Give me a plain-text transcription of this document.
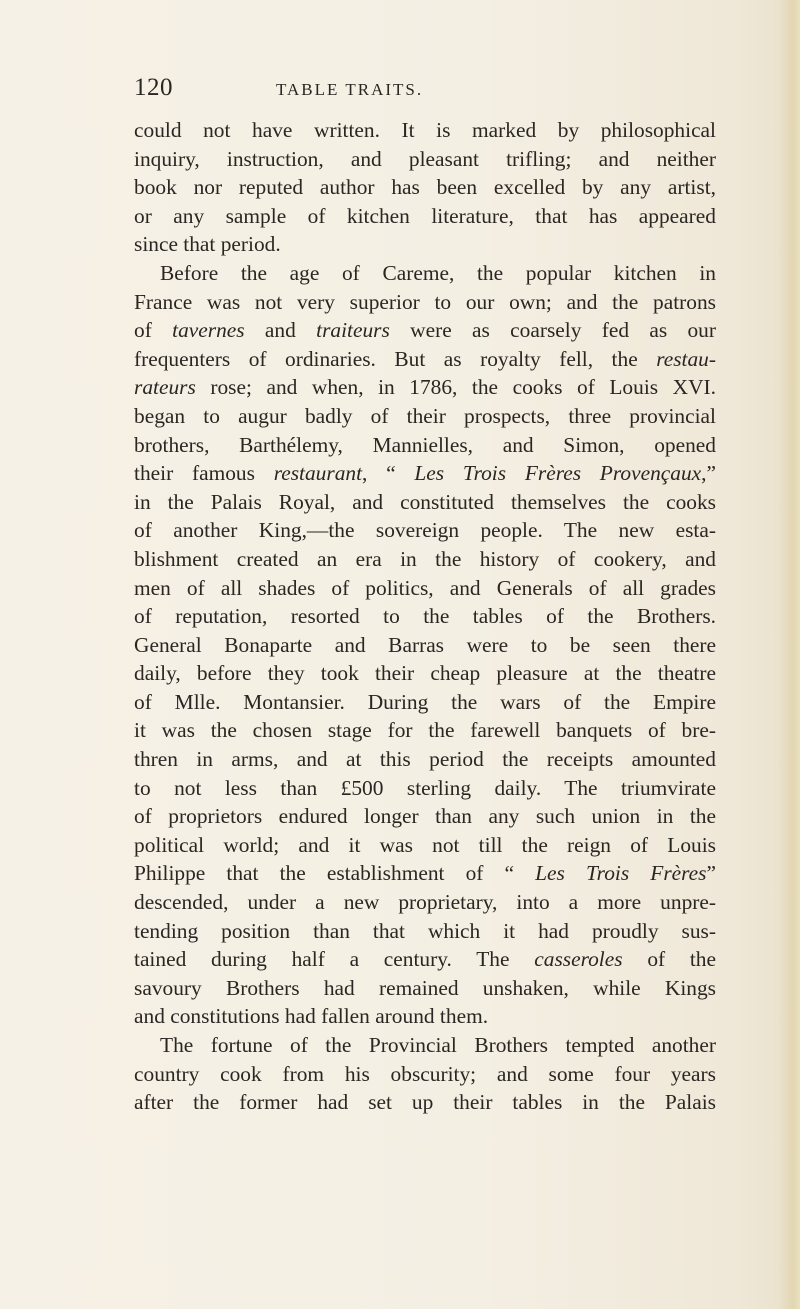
120	TABLE TRAITS.

could not have written. It is marked by philosophical
inquiry, instruction, and pleasant trifling; and neither
book nor reputed author has been excelled by any artist,
or any sample of kitchen literature, that has appeared
since that period.

Before the age of Careme, the popular kitchen in
France was not very superior to our own; and the patrons
of tavernes and traiteurs were as coarsely fed as our
frequenters of ordinaries. But as royalty fell, the restau-
rateurs rose; and when, in 1786, the cooks of Louis XVI.
began to augur badly of their prospects, three provincial
brothers, Barthélemy, Mannielles, and Simon, opened
their famous restaurant, “ Les Trois Frères Provençaux,”
in the Palais Royal, and constituted themselves the cooks
of another King,—the sovereign people. The new esta-
blishment created an era in the history of cookery, and
men of all shades of politics, and Generals of all grades
of reputation, resorted to the tables of the Brothers.
General Bonaparte and Barras were to be seen there
daily, before they took their cheap pleasure at the theatre
of Mlle. Montansier. During the wars of the Empire
it was the chosen stage for the farewell banquets of bre-
thren in arms, and at this period the receipts amounted
to not less than £500 sterling daily. The triumvirate
of proprietors endured longer than any such union in the
political world; and it was not till the reign of Louis
Philippe that the establishment of “ Les Trois Frères”
descended, under a new proprietary, into a more unpre-
tending position than that which it had proudly sus-
tained during half a century. The casseroles of the
savoury Brothers had remained unshaken, while Kings
and constitutions had fallen around them.

The fortune of the Provincial Brothers tempted another
country cook from his obscurity; and some four years
after the former had set up their tables in the Palais
